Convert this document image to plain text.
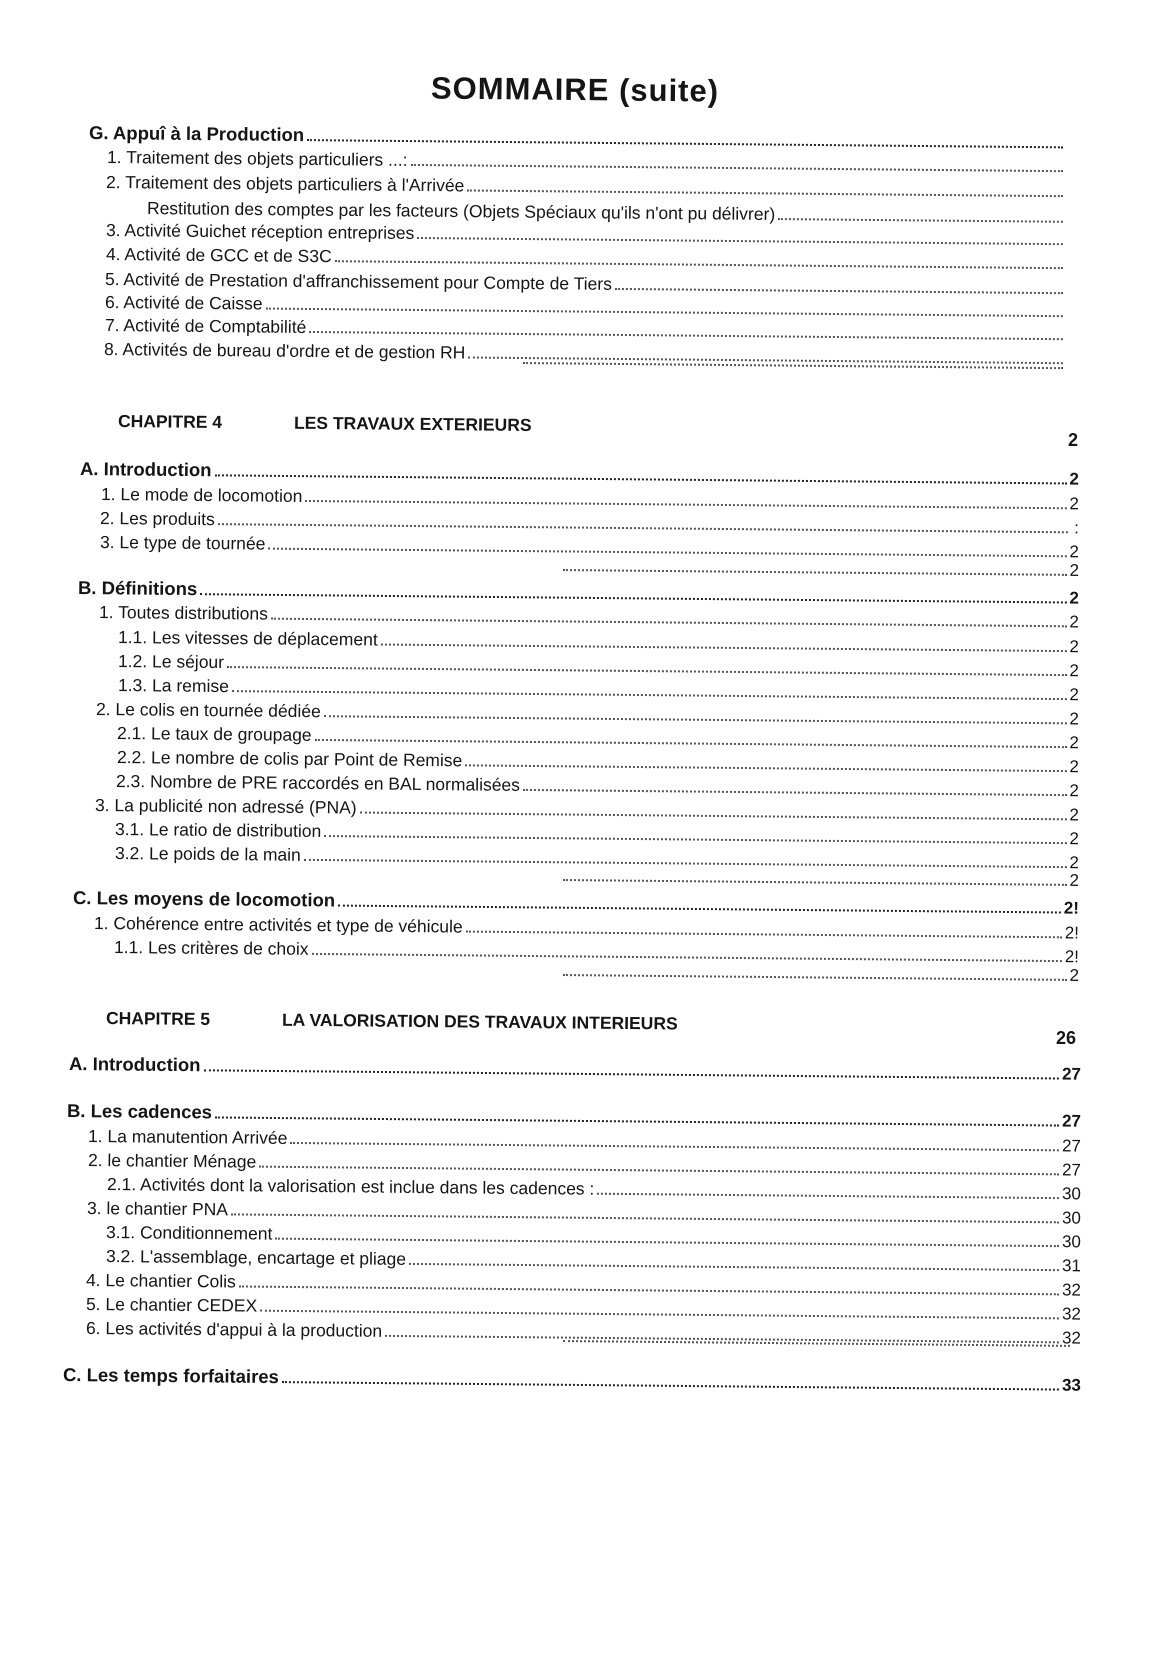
SOMMAIRE (suite)
G. Appuî à la Production
1. Traitement des objets particuliers ...:
2. Traitement des objets particuliers à l'Arrivée
Restitution des comptes par les facteurs (Objets Spéciaux qu'ils n'ont pu délivrer)
3. Activité Guichet réception entreprises
4. Activité de GCC et de S3C
5. Activité de Prestation d'affranchissement pour Compte de Tiers
6. Activité de Caisse
7. Activité de Comptabilité
8. Activités de bureau d'ordre et de gestion RH
CHAPITRE 4	LES TRAVAUX EXTERIEURS
2
A. Introduction	2
1. Le mode de locomotion	2
2. Les produits	:
3. Le type de tournée	2
2
B. Définitions	2
1. Toutes distributions	2
1.1. Les vitesses de déplacement	2
1.2. Le séjour	2
1.3. La remise	2
2. Le colis en tournée dédiée	2
2.1. Le taux de groupage	2
2.2. Le nombre de colis par Point de Remise	2
2.3. Nombre de PRE raccordés en BAL normalisées	2
3. La publicité non adressé (PNA)	2
3.1. Le ratio de distribution	2
3.2. Le poids de la main	2
2
C. Les moyens de locomotion	2!
1. Cohérence entre activités et type de véhicule	2!
1.1. Les critères de choix	2!
2
CHAPITRE 5	LA VALORISATION DES TRAVAUX INTERIEURS
26
A. Introduction	27
B. Les cadences	27
1. La manutention Arrivée	27
2. le chantier Ménage	27
2.1. Activités dont la valorisation est inclue dans les cadences :	30
3. le chantier PNA	30
3.1. Conditionnement	30
3.2. L'assemblage, encartage et pliage	31
4. Le chantier Colis	32
5. Le chantier CEDEX	32
6. Les activités d'appui à la production	32
C. Les temps forfaitaires	33
